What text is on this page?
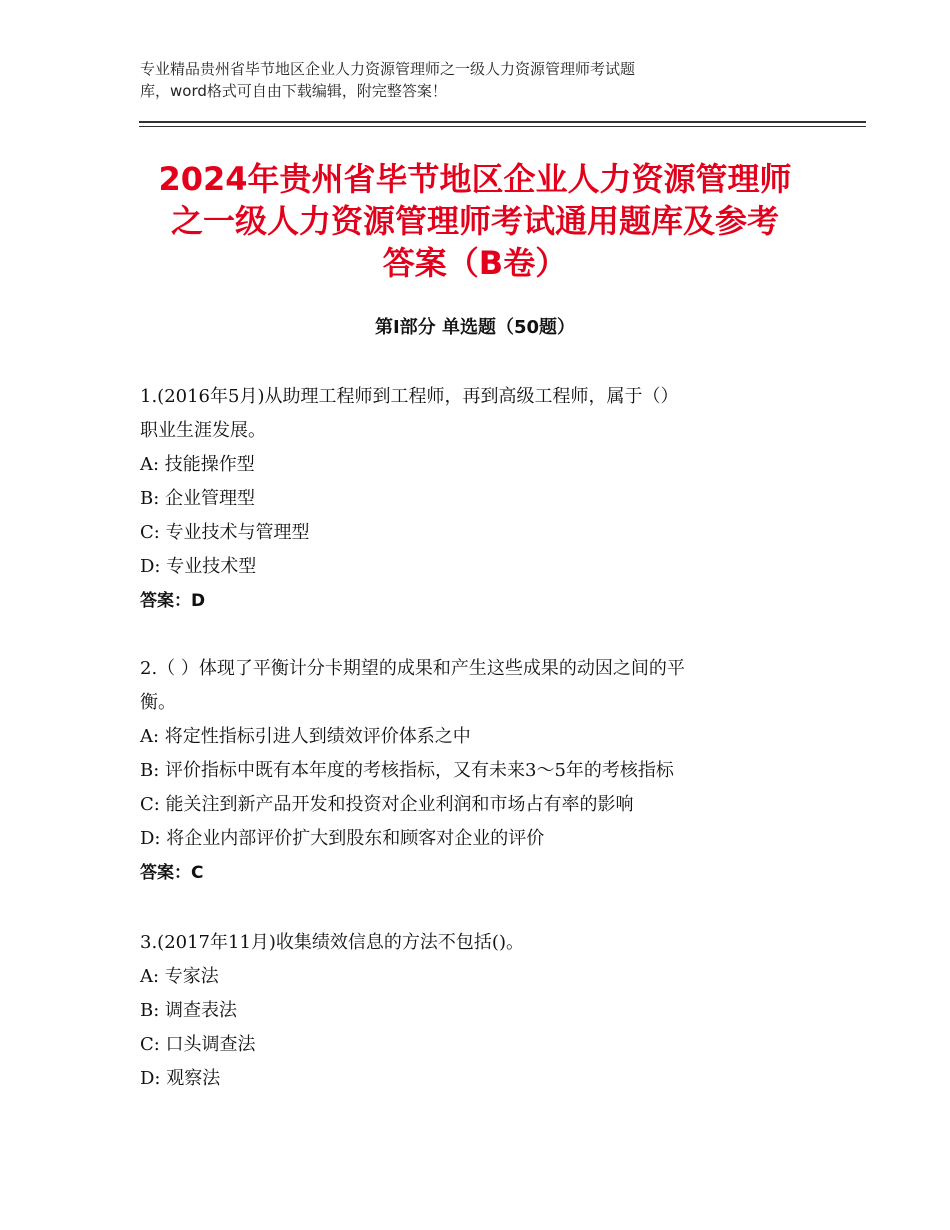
专业精品贵州省毕节地区企业人力资源管理师之一级人力资源管理师考试题

库，word格式可自由下载编辑，附完整答案！

2024年贵州省毕节地区企业人力资源管理师

之一级人力资源管理师考试通用题库及参考

答案（B卷）

第Ⅰ部分 单选题（50题）

1.(2016年5月)从助理工程师到工程师，再到高级工程师，属于（）

职业生涯发展。

A: 技能操作型

B: 企业管理型

C: 专业技术与管理型

D: 专业技术型

答案：D

2.（ ）体现了平衡计分卡期望的成果和产生这些成果的动因之间的平

衡。

A: 将定性指标引进人到绩效评价体系之中

B: 评价指标中既有本年度的考核指标，又有未来3～5年的考核指标

C: 能关注到新产品开发和投资对企业利润和市场占有率的影响

D: 将企业内部评价扩大到股东和顾客对企业的评价

答案：C

3.(2017年11月)收集绩效信息的方法不包括()。

A: 专家法

B: 调查表法

C: 口头调查法

D: 观察法
